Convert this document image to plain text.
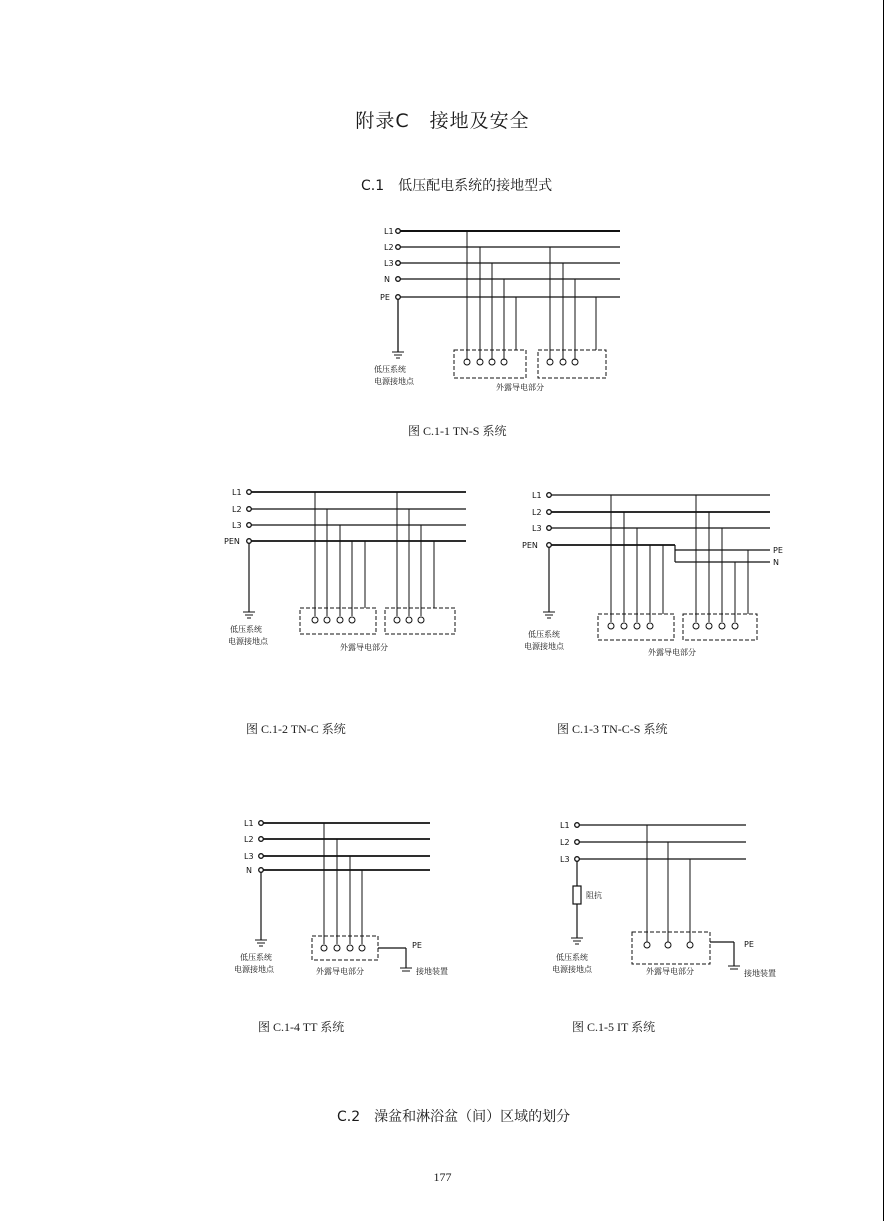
附录C　接地及安全
C.1　低压配电系统的接地型式
L1
L2
L3
N
PE
低压系统
电源接地点
外露导电部分
图 C.1-1 TN-S 系统
L1
L2
L3
PEN
低压系统
电源接地点
外露导电部分
图 C.1-2 TN-C 系统
L1
L2
L3
PEN
PE
N
低压系统
电源接地点
外露导电部分
图 C.1-3 TN-C-S 系统
L1
L2
L3
N
PE
低压系统
电源接地点	外露导电部分	接地装置
图 C.1-4 TT 系统
L1
L2
L3
阻抗
PE
低压系统
电源接地点	外露导电部分	接地装置
图 C.1-5 IT 系统
C.2　澡盆和淋浴盆（间）区域的划分
177
